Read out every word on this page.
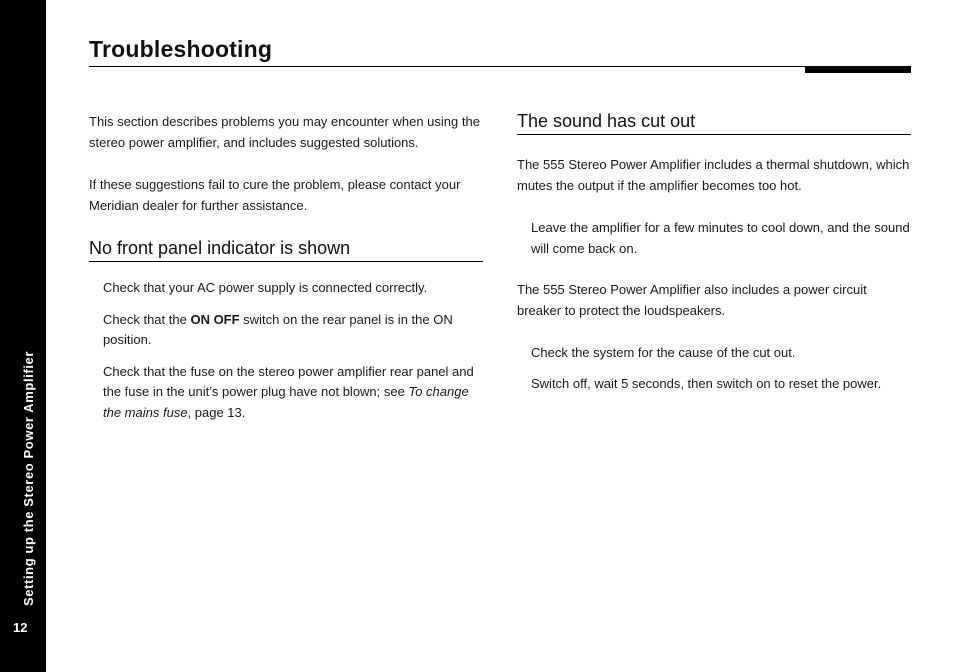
Setting up the Stereo Power Amplifier
12
Troubleshooting

This section describes problems you may encounter when using the stereo power amplifier, and includes suggested solutions.

If these suggestions fail to cure the problem, please contact your Meridian dealer for further assistance.

No front panel indicator is shown

Check that your AC power supply is connected correctly.

Check that the ON OFF switch on the rear panel is in the ON position.

Check that the fuse on the stereo power amplifier rear panel and the fuse in the unit’s power plug have not blown; see To change the mains fuse, page 13.

The sound has cut out

The 555 Stereo Power Amplifier includes a thermal shutdown, which mutes the output if the amplifier becomes too hot.

Leave the amplifier for a few minutes to cool down, and the sound will come back on.

The 555 Stereo Power Amplifier also includes a power circuit breaker to protect the loudspeakers.

Check the system for the cause of the cut out.

Switch off, wait 5 seconds, then switch on to reset the power.
